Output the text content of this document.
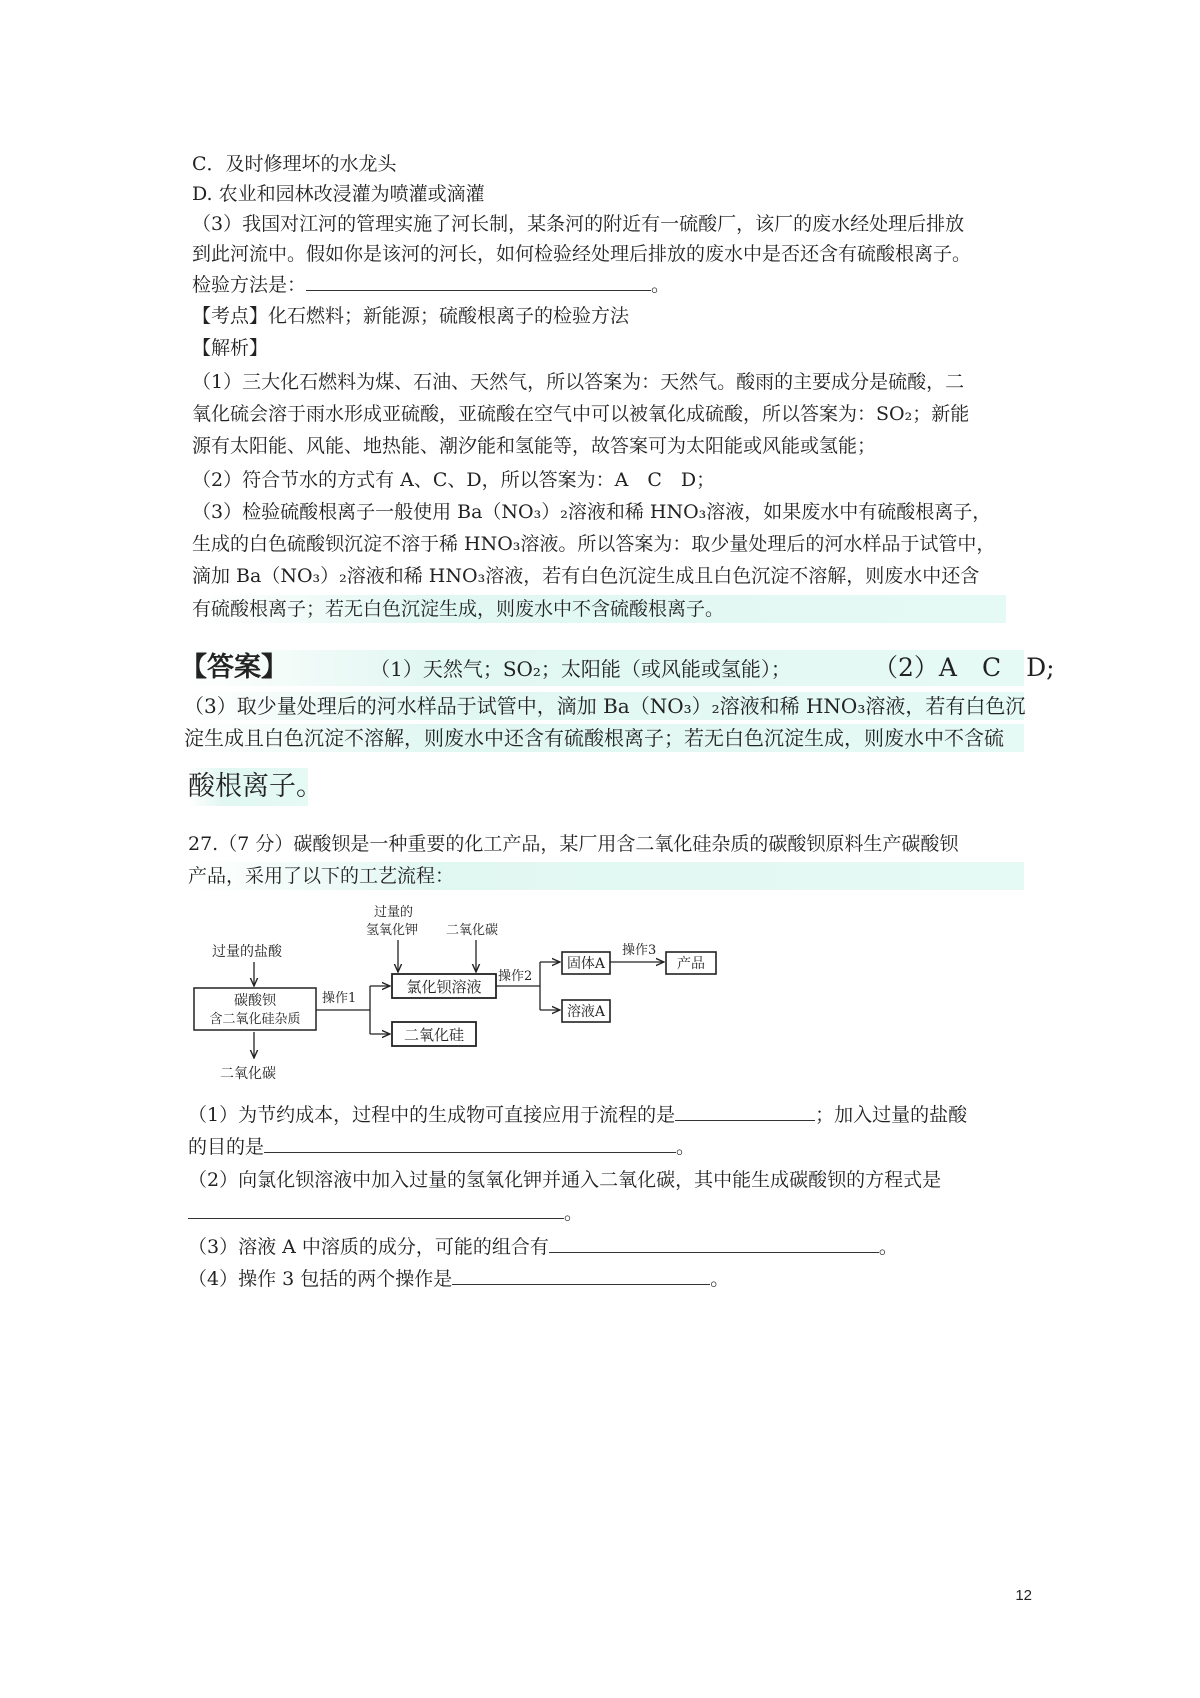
C．及时修理坏的水龙头
D. 农业和园林改浸灌为喷灌或滴灌
（3）我国对江河的管理实施了河长制，某条河的附近有一硫酸厂，该厂的废水经处理后排放
到此河流中。假如你是该河的河长，如何检验经处理后排放的废水中是否还含有硫酸根离子。
检验方法是：	。
【考点】化石燃料；新能源；硫酸根离子的检验方法
【解析】
（1）三大化石燃料为煤、石油、天然气，所以答案为：天然气。酸雨的主要成分是硫酸，二
氧化硫会溶于雨水形成亚硫酸，亚硫酸在空气中可以被氧化成硫酸，所以答案为：SO₂；新能
源有太阳能、风能、地热能、潮汐能和氢能等，故答案可为太阳能或风能或氢能；
（2）符合节水的方式有 A、C、D，所以答案为：A　C　D；
（3）检验硫酸根离子一般使用 Ba（NO₃）₂溶液和稀 HNO₃溶液，如果废水中有硫酸根离子，
生成的白色硫酸钡沉淀不溶于稀 HNO₃溶液。所以答案为：取少量处理后的河水样品于试管中，
滴加 Ba（NO₃）₂溶液和稀 HNO₃溶液，若有白色沉淀生成且白色沉淀不溶解，则废水中还含
有硫酸根离子；若无白色沉淀生成，则废水中不含硫酸根离子。
【答案】	（1）天然气；SO₂；太阳能（或风能或氢能）；	（2）A　C　D;
（3）取少量处理后的河水样品于试管中，滴加 Ba（NO₃）₂溶液和稀 HNO₃溶液，若有白色沉
淀生成且白色沉淀不溶解，则废水中还含有硫酸根离子；若无白色沉淀生成，则废水中不含硫
酸根离子。
27.（7 分）碳酸钡是一种重要的化工产品，某厂用含二氧化硅杂质的碳酸钡原料生产碳酸钡
产品，采用了以下的工艺流程：
过量的盐酸
碳酸钡
含二氧化硅杂质
二氧化碳
操作1
过量的
氢氧化钾 二氧化碳
氯化钡溶液
二氧化硅
操作2
固体A
溶液A
操作3
产品
（1）为节约成本，过程中的生成物可直接应用于流程的是	；加入过量的盐酸
的目的是	。
（2）向氯化钡溶液中加入过量的氢氧化钾并通入二氧化碳，其中能生成碳酸钡的方程式是
。
（3）溶液 A 中溶质的成分，可能的组合有	。
（4）操作 3 包括的两个操作是	。
12
